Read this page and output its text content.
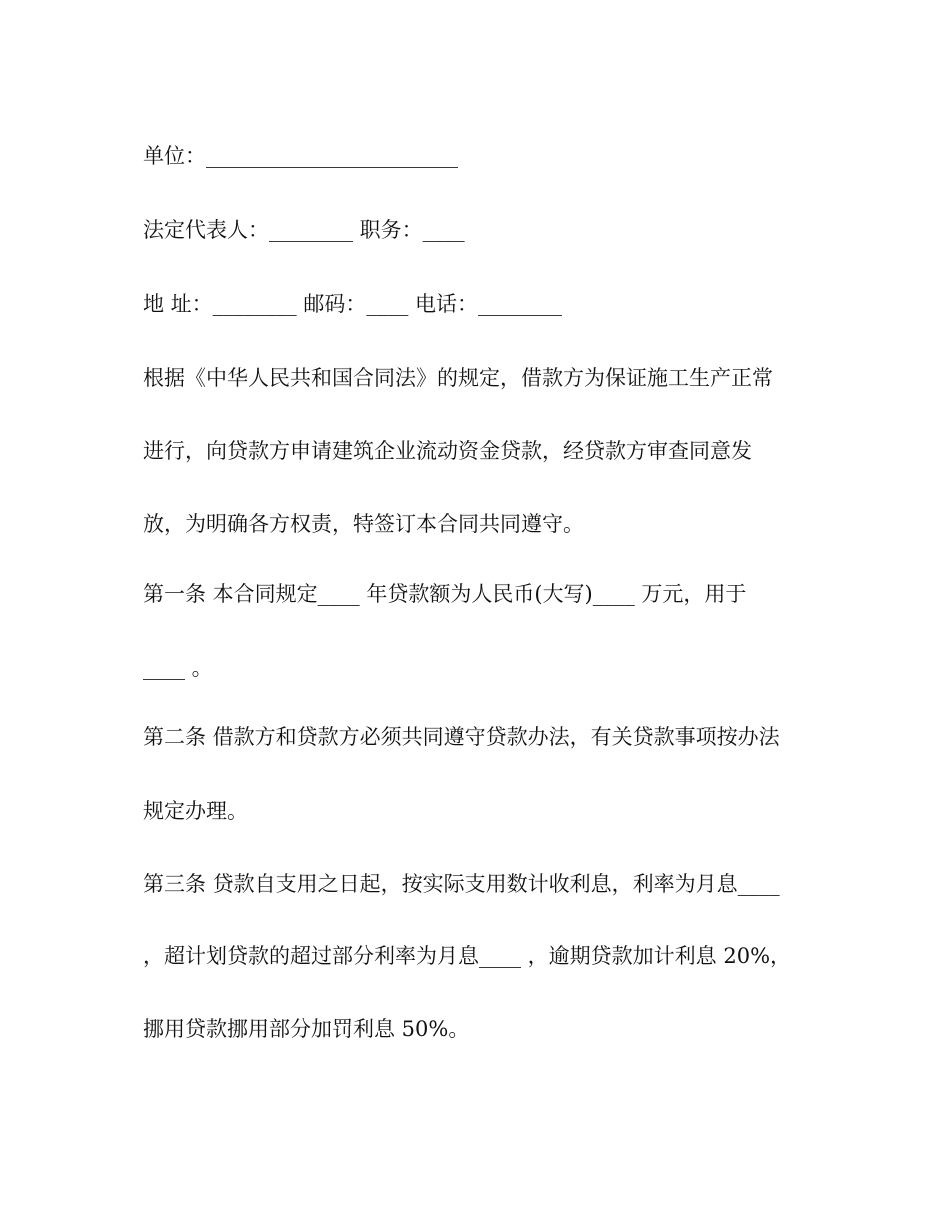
单位：________________________
法定代表人：________ 职务：____
地 址：________ 邮码：____ 电话：________
根据《中华人民共和国合同法》的规定，借款方为保证施工生产正常
进行，向贷款方申请建筑企业流动资金贷款，经贷款方审查同意发
放，为明确各方权责，特签订本合同共同遵守。
第一条 本合同规定____ 年贷款额为人民币(大写)____ 万元，用于
____ 。
第二条 借款方和贷款方必须共同遵守贷款办法，有关贷款事项按办法
规定办理。
第三条 贷款自支用之日起，按实际支用数计收利息，利率为月息____
，超计划贷款的超过部分利率为月息____ ，逾期贷款加计利息 20%，
挪用贷款挪用部分加罚利息 50%。
